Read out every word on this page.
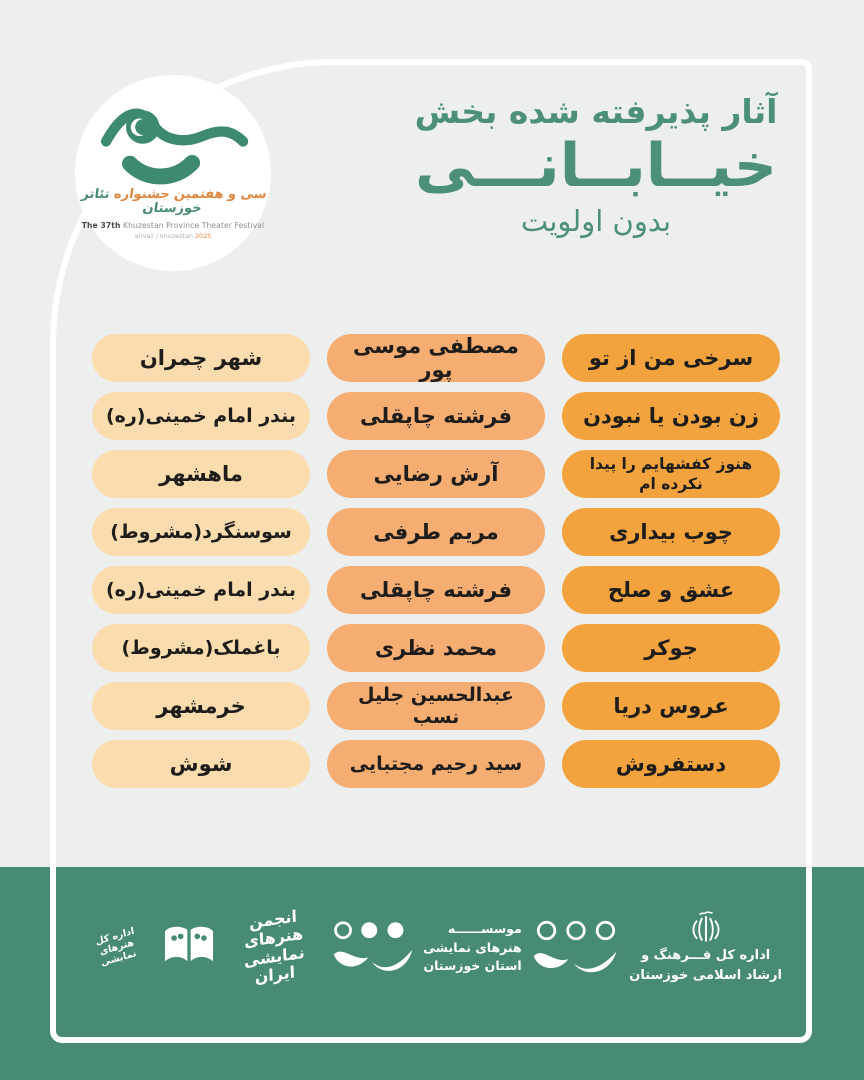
سی و هفتمین جشنواره تئاتر خوزستان
The 37th Khuzestan Province Theater Festival
ahvaz / khuzestan 2025
آثار پذیرفته شده بخش
خیــابــانـــی
بدون اولویت
سرخی من از تو
مصطفی موسی پور
شهر چمران
زن بودن یا نبودن
فرشته چاپقلی
بندر امام خمینی(ره)
هنوز کفشهایم را پیدا نکرده ام
آرش رضایی
ماهشهر
چوب بیداری
مریم طرفی
سوسنگرد(مشروط)
عشق و صلح
فرشته چاپقلی
بندر امام خمینی(ره)
جوکر
محمد نظری
باغملک(مشروط)
عروس دریا
عبدالحسین جلیل نسب
خرمشهر
دستفروش
سید رحیم مجتبایی
شوش
اداره کل فـــرهنگ و
ارشاد اسلامی خوزستان
موسســــــه
هنرهای نمایشی
استان خوزستان
انجمن هنرهای نمایشی ایران
اداره کل هنرهای نمایشی
